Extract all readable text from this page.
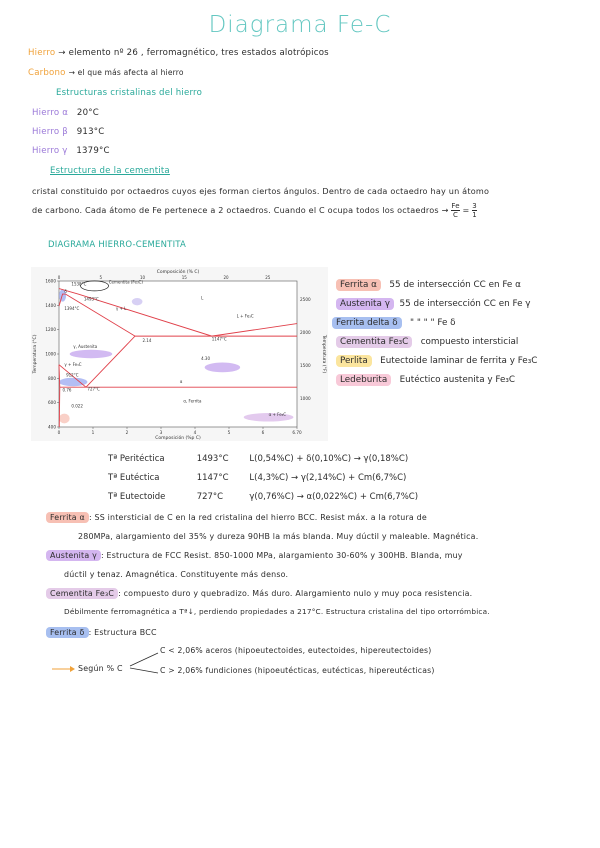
Diagrama Fe-C
Hierro → elemento nº 26 , ferromagnético, tres estados alotrópicos
Carbono → el que más afecta al hierro
Estructuras cristalinas del hierro
Hierro α 20°C
Hierro β 913°C
Hierro γ 1379°C
Estructura de la cementita
cristal constituido por octaedros cuyos ejes forman ciertos ángulos. Dentro de cada octaedro hay un átomo
de carbono. Cada átomo de Fe pertenece a 2 octaedros. Cuando el C ocupa todos los octaedros → $\frac{Fe}{C} = \frac{3}{1}$
DIAGRAMA HIERRO-CEMENTITA
0	1	2	3	4	5	6	6.70
0	5	10	15	20	25
1600
1400
1200
1000
800
600
400
2500
2000
1500
1000
δ
1538°C
L
γ + L
L + Fe₃C
1493°C
1394°C
γ, Austenita
2.14	1147°C
4.30
γ + Fe₃C
912°C
α
727°C
0.76
0.022
α, Ferrita
α + Fe₃C
Cementita (Fe₃C)
Composición (% C)
Composición (%p C)
Temperatura (°C)	Temperatura (°F)
Ferrita α 55 de intersección CC en Fe α
Austenita γ 55 de intersección CC en Fe γ
Ferrita delta δ " " " " Fe δ
Cementita Fe₃C compuesto intersticial
Perlita Eutectoide laminar de ferrita y Fe₃C
Ledeburita Eutéctico austenita y Fe₃C
Tª Peritéctica	1493°C L(0,54%C) + δ(0,10%C) → γ(0,18%C)
Tª Eutéctica	1147°C L(4,3%C) → γ(2,14%C) + Cm(6,7%C)
Tª Eutectoide	727°C	γ(0,76%C) → α(0,022%C) + Cm(6,7%C)
Ferrita α : SS intersticial de C en la red cristalina del hierro BCC. Resist máx. a la rotura de
280MPa, alargamiento del 35% y dureza 90HB la más blanda. Muy dúctil y maleable. Magnética.
Austenita γ : Estructura de FCC Resist. 850-1000 MPa, alargamiento 30-60% y 300HB. Blanda, muy
dúctil y tenaz. Amagnética. Constituyente más denso.
Cementita Fe₃C : compuesto duro y quebradizo. Más duro. Alargamiento nulo y muy poca resistencia.
Débilmente ferromagnética a Tª↓, perdiendo propiedades a 217°C. Estructura cristalina del tipo ortorrómbica.
Ferrita δ : Estructura BCC
Según % C
C < 2,06% aceros (hipoeutectoides, eutectoides, hipereutectoides)
C > 2,06% fundiciones (hipoeutécticas, eutécticas, hipereutécticas)
